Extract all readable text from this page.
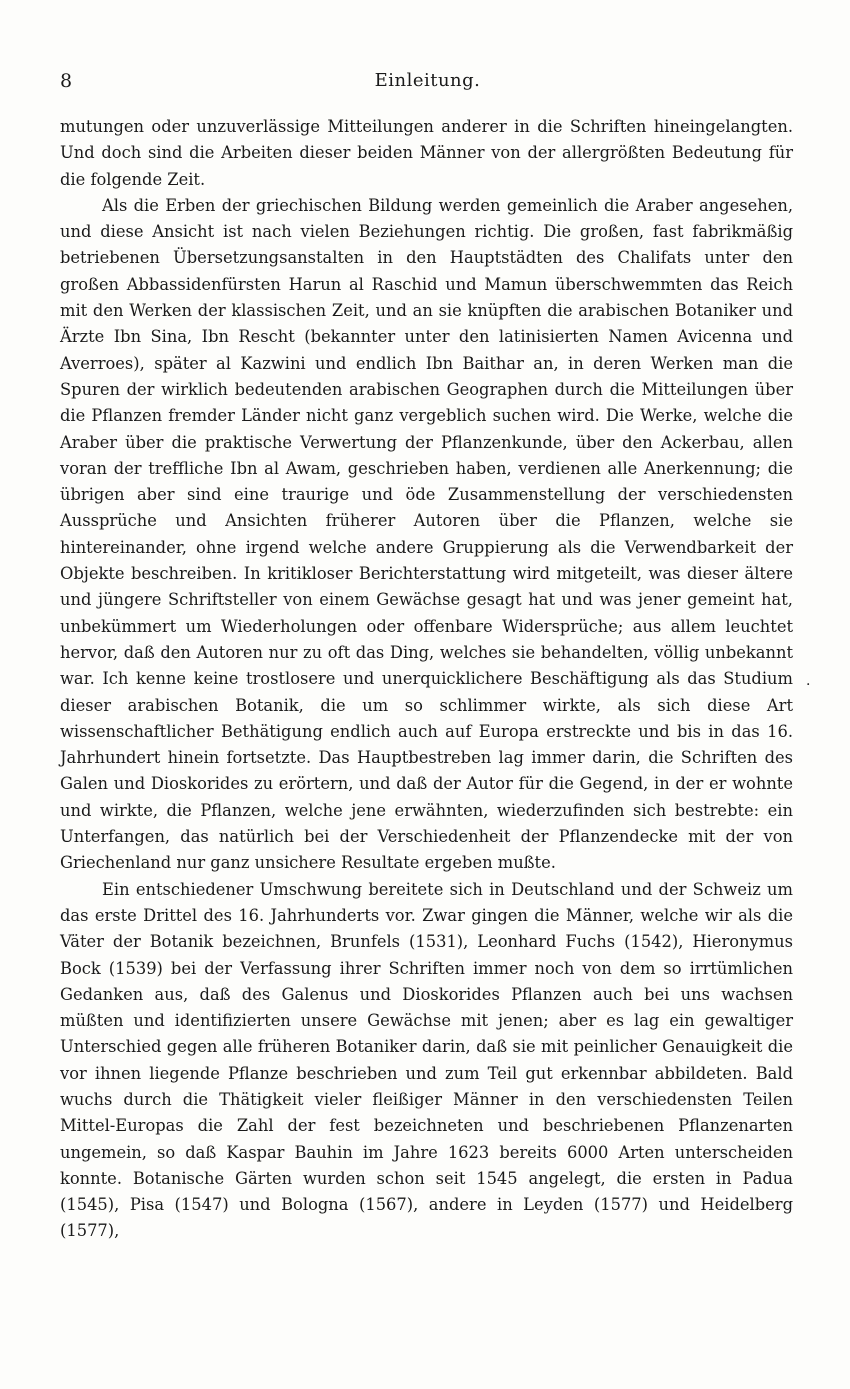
8	Einleitung.

mutungen oder unzuverlässige Mitteilungen anderer in die Schriften hineingelangten. Und doch sind die Arbeiten dieser beiden Männer von der allergrößten Bedeutung für die folgende Zeit.

Als die Erben der griechischen Bildung werden gemeinlich die Araber angesehen, und diese Ansicht ist nach vielen Beziehungen richtig. Die großen, fast fabrikmäßig betriebenen Übersetzungsanstalten in den Hauptstädten des Chalifats unter den großen Abbassidenfürsten Harun al Raschid und Mamun überschwemmten das Reich mit den Werken der klassischen Zeit, und an sie knüpften die arabischen Botaniker und Ärzte Ibn Sina, Ibn Rescht (bekannter unter den latinisierten Namen Avicenna und Averroes), später al Kazwini und endlich Ibn Baithar an, in deren Werken man die Spuren der wirklich bedeutenden arabischen Geographen durch die Mitteilungen über die Pflanzen fremder Länder nicht ganz vergeblich suchen wird. Die Werke, welche die Araber über die praktische Verwertung der Pflanzenkunde, über den Ackerbau, allen voran der treffliche Ibn al Awam, geschrieben haben, verdienen alle Anerkennung; die übrigen aber sind eine traurige und öde Zusammenstellung der verschiedensten Aussprüche und Ansichten früherer Autoren über die Pflanzen, welche sie hintereinander, ohne irgend welche andere Gruppierung als die Verwendbarkeit der Objekte beschreiben. In kritikloser Berichterstattung wird mitgeteilt, was dieser ältere und jüngere Schriftsteller von einem Gewächse gesagt hat und was jener gemeint hat, unbekümmert um Wiederholungen oder offenbare Widersprüche; aus allem leuchtet hervor, daß den Autoren nur zu oft das Ding, welches sie behandelten, völlig unbekannt war. Ich kenne keine trostlosere und unerquicklichere Beschäftigung als das Studium dieser arabischen Botanik, die um so schlimmer wirkte, als sich diese Art wissenschaftlicher Bethätigung endlich auch auf Europa erstreckte und bis in das 16. Jahrhundert hinein fortsetzte. Das Hauptbestreben lag immer darin, die Schriften des Galen und Dioskorides zu erörtern, und daß der Autor für die Gegend, in der er wohnte und wirkte, die Pflanzen, welche jene erwähnten, wiederzufinden sich bestrebte: ein Unterfangen, das natürlich bei der Verschiedenheit der Pflanzendecke mit der von Griechenland nur ganz unsichere Resultate ergeben mußte.

Ein entschiedener Umschwung bereitete sich in Deutschland und der Schweiz um das erste Drittel des 16. Jahrhunderts vor. Zwar gingen die Männer, welche wir als die Väter der Botanik bezeichnen, Brunfels (1531), Leonhard Fuchs (1542), Hieronymus Bock (1539) bei der Verfassung ihrer Schriften immer noch von dem so irrtümlichen Gedanken aus, daß des Galenus und Dioskorides Pflanzen auch bei uns wachsen müßten und identifizierten unsere Gewächse mit jenen; aber es lag ein gewaltiger Unterschied gegen alle früheren Botaniker darin, daß sie mit peinlicher Genauigkeit die vor ihnen liegende Pflanze beschrieben und zum Teil gut erkennbar abbildeten. Bald wuchs durch die Thätigkeit vieler fleißiger Männer in den verschiedensten Teilen Mittel-Europas die Zahl der fest bezeichneten und beschriebenen Pflanzenarten ungemein, so daß Kaspar Bauhin im Jahre 1623 bereits 6000 Arten unterscheiden konnte. Botanische Gärten wurden schon seit 1545 angelegt, die ersten in Padua (1545), Pisa (1547) und Bologna (1567), andere in Leyden (1577) und Heidelberg (1577),

·
